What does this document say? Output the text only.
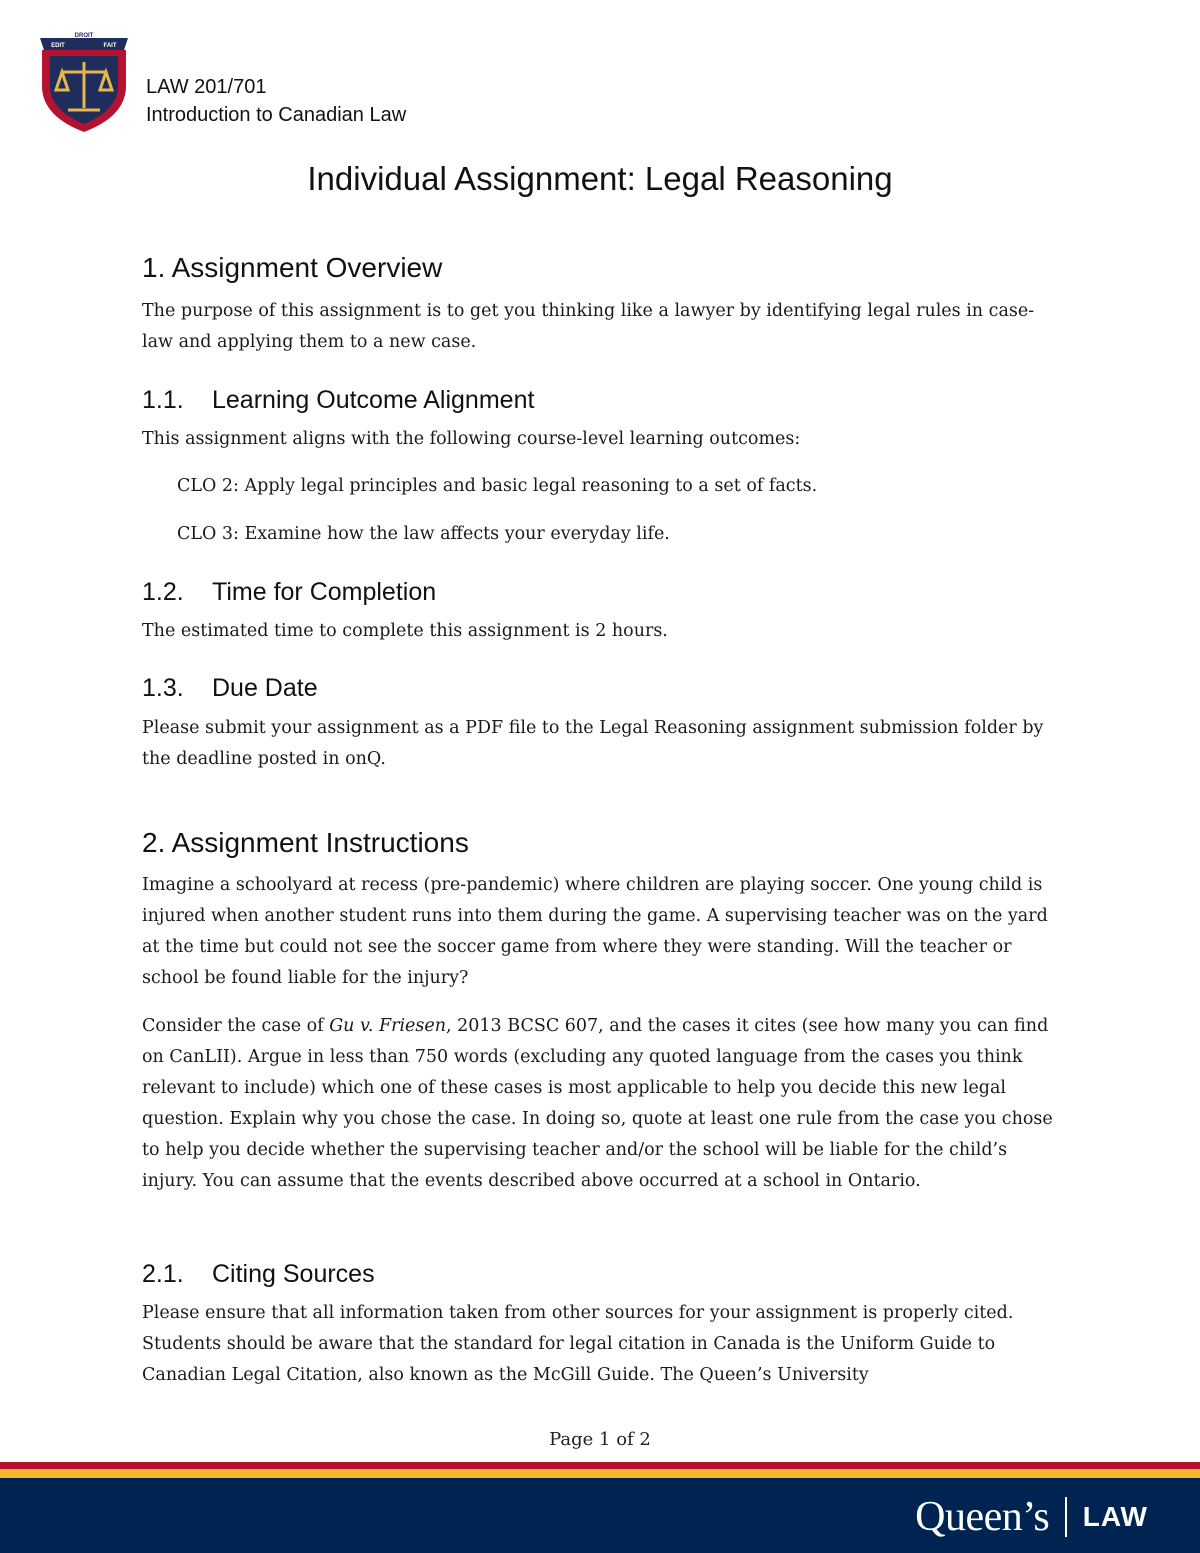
EDIT
DROIT
FAIT
LAW 201/701
Introduction to Canadian Law
Individual Assignment: Legal Reasoning
1. Assignment Overview

The purpose of this assignment is to get you thinking like a lawyer by identifying legal rules in case-law and applying them to a new case.

1.1. Learning Outcome Alignment

This assignment aligns with the following course-level learning outcomes:

CLO 2: Apply legal principles and basic legal reasoning to a set of facts.

CLO 3: Examine how the law affects your everyday life.

1.2. Time for Completion

The estimated time to complete this assignment is 2 hours.

1.3. Due Date

Please submit your assignment as a PDF file to the Legal Reasoning assignment submission folder by the deadline posted in onQ.

2. Assignment Instructions

Imagine a schoolyard at recess (pre-pandemic) where children are playing soccer. One young child is injured when another student runs into them during the game. A supervising teacher was on the yard at the time but could not see the soccer game from where they were standing. Will the teacher or school be found liable for the injury?

Consider the case of Gu v. Friesen, 2013 BCSC 607, and the cases it cites (see how many you can find on CanLII). Argue in less than 750 words (excluding any quoted language from the cases you think relevant to include) which one of these cases is most applicable to help you decide this new legal question. Explain why you chose the case. In doing so, quote at least one rule from the case you chose to help you decide whether the supervising teacher and/or the school will be liable for the child’s injury. You can assume that the events described above occurred at a school in Ontario.

2.1. Citing Sources

Please ensure that all information taken from other sources for your assignment is properly cited. Students should be aware that the standard for legal citation in Canada is the Uniform Guide to Canadian Legal Citation, also known as the McGill Guide. The Queen’s University

Page 1 of 2
Queen’s LAW
